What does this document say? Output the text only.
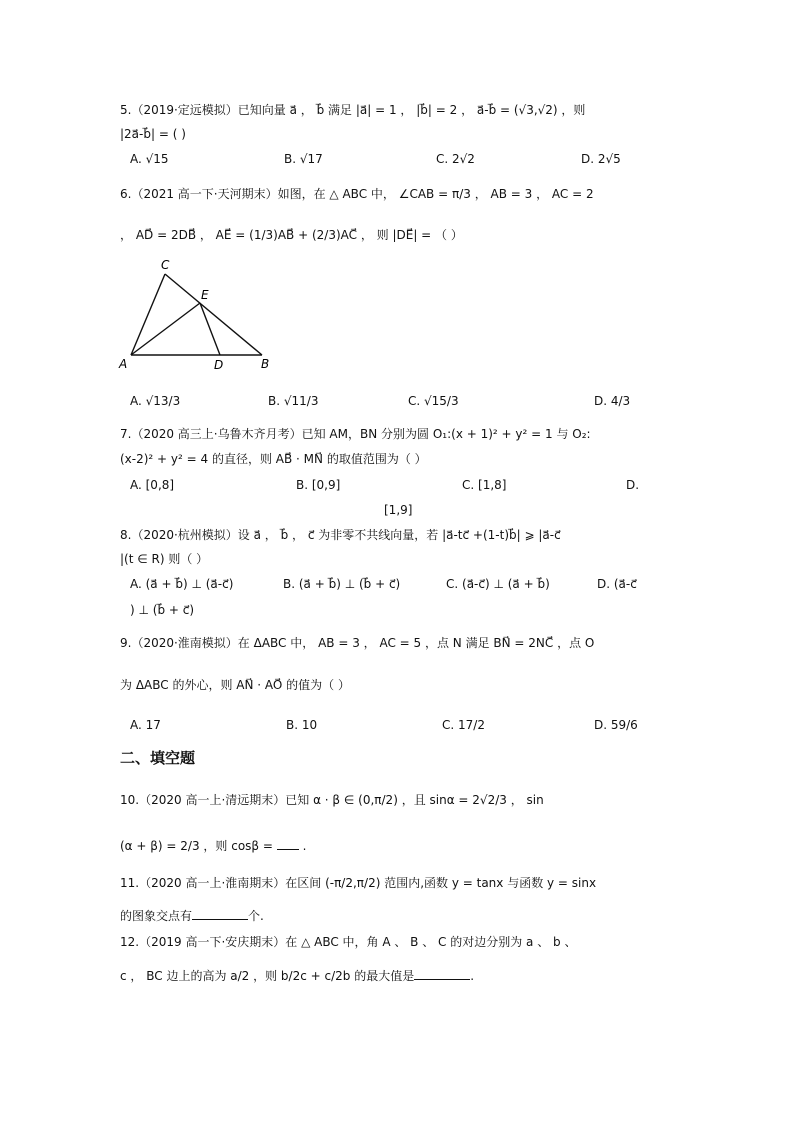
5.（2019·定远模拟）已知向量 a⃗ ， b⃗ 满足 |a⃗| = 1 ， |b⃗| = 2 ， a⃗-b⃗ = (√3,√2) ，则
|2a⃗-b⃗| = ( )
A. √15	B. √17	C. 2√2	D. 2√5
6.（2021 高一下·天河期末）如图，在 △ ABC 中， ∠CAB = π/3 ， AB = 3 ， AC = 2
， AD⃗ = 2DB⃗ ， AE⃗ = (1/3)AB⃗ + (2/3)AC⃗ ， 则 |DE⃗| = （ ）
C
E
A	D	B
A. √13/3	B. √11/3	C. √15/3	D. 4/3
7.（2020 高三上·乌鲁木齐月考）已知 AM，BN 分别为圆 O₁:(x + 1)² + y² = 1 与 O₂:
(x-2)² + y² = 4 的直径，则 AB⃗ · MN⃗ 的取值范围为（ ）
A. [0,8]	B. [0,9]	C. [1,8]	D.
[1,9]
8.（2020·杭州模拟）设 a⃗ ， b⃗ ， c⃗ 为非零不共线向量，若 |a⃗-tc⃗ +(1-t)b⃗| ⩾ |a⃗-c⃗
|(t ∈ R) 则（ ）
A. (a⃗ + b⃗) ⊥ (a⃗-c⃗)	B. (a⃗ + b⃗) ⊥ (b⃗ + c⃗)	C. (a⃗-c⃗) ⊥ (a⃗ + b⃗)	D. (a⃗-c⃗
) ⊥ (b⃗ + c⃗)
9.（2020·淮南模拟）在 ΔABC 中， AB = 3 ， AC = 5 ，点 N 满足 BN⃗ = 2NC⃗ ，点 O
为 ΔABC 的外心，则 AN⃗ · AO⃗ 的值为（ ）
A. 17	B. 10	C. 17/2	D. 59/6
二、填空题
10.（2020 高一上·清远期末）已知 α · β ∈ (0,π/2) ，且 sinα = 2√2/3 ， sin
(α + β) = 2/3 ，则 cosβ =  .
11.（2020 高一上·淮南期末）在区间 (-π/2,π/2) 范围内,函数 y = tanx 与函数 y = sinx
的图象交点有	个.
12.（2019 高一下·安庆期末）在 △ ABC 中，角 A 、 B 、 C 的对边分别为 a 、 b 、
c ， BC 边上的高为 a/2 ，则 b/2c + c/2b 的最大值是	.
